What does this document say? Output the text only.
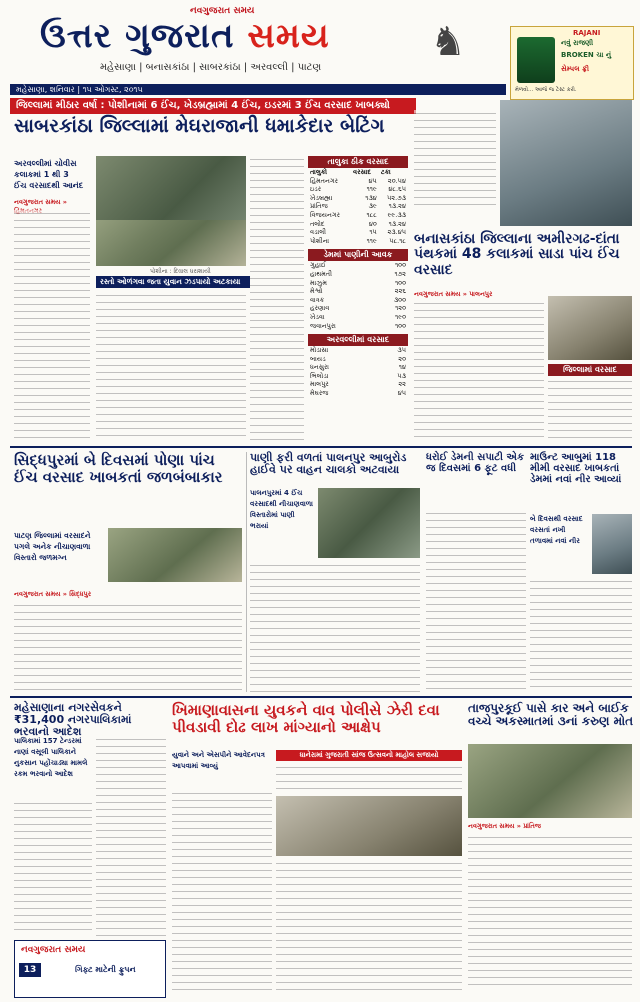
નવગુજરાત સમય
ઉત્તર ગુજરાત સમય	♞
મહેસાણા | બનાસકાંઠા | સાબરકાંઠા | અરવલ્લી | પાટણ
RAJANI
નવું રાજણી
BROKEN ચા નું
સેમ્પલ ફ્રી
મેળવો... આજે જ ટેસ્ટ કરો.
મહેસાણા, શનિવાર | ૧૫ ઓગસ્ટ, ૨૦૧૫
જિલ્લામાં મીઠાર વર્ષા : પોશીનામાં 6 ઈંચ, ખેડબ્રહ્મામાં 4 ઈંચ, ઇડરમાં 3 ઈંચ વરસાદ ખાબક્યો
સાબરકાંઠા જિલ્લામાં મેઘરાજાની ધમાકેદાર બેટિંગ
અરવલ્લીમાં ચોવીસ કલાકમાં 1 થી 3 ઈંચ વરસાદથી આનંદ
નવગુજરાત સમય »
પોશીના : દિવાલ ધરાશાયી
રસ્તો ઓળંગવા જતા યુવાન ઝડપાયો અટકાયા
તાલુકા ઠીક વરસાદ
તાલુકો	વરસાદ	ટકા
હિંમતનગર	૪૫	૨૦.૫૪
ઇડર	૧૧૯	૪૮.૬૫
ખેડબ્રહ્મા	૧૩૪	૫૨.૭૩
પ્રાંતિજ	૩૯	૧૩.૨૪
વિજયનગર	૧૮૮	૯૯.૩૩
તલોદ	૪૦	૧૩.૨૪
વડાલી	૧૫	૨૩.૪૫
પોશીના	૧૧૯	૫૮.૧૮
ડેમમાં પાણીની આવક
ગુહાઈ	૧૦૦
હાથમતી	૧૭૨
માઝુમ	૧૦૦
મેશ્વો	૨૨૬
વાત્રક	૩૦૦
હરણાવ	૧૨૦
ખેડવા	૧૯૦
જવાનપુરા	૧૦૦
અરવલ્લીમાં વરસાદ
મોડાસા	૩૫
બાયડ	૨૦
ધનસુરા	૧૪
ભિલોડા	૫૩
માલપુર	૨૨
મેઘરજ	૪૫
બનાસકાંઠા જિલ્લાના અમીરગઢ-દાંતા પંથકમાં 48 કલાકમાં સાડા પાંચ ઈંચ વરસાદ
નવગુજરાત સમય » પાલનપુર
જિલ્લામાં વરસાદ
સિદ્ધપુરમાં બે દિવસમાં પોણા પાંચ ઈંચ વરસાદ ખાબકતાં જળબંબાકાર
પાટણ જિલ્લામાં વરસાદને પગલે અનેક નીચાણવાળા વિસ્તારો જળમગ્ન
નવગુજરાત સમય » સિદ્ધપુર
પાણી ફરી વળતાં પાલનપુર આબુરોડ હાઈવે પર વાહન ચાલકો અટવાયા
પાલનપુરમાં 4 ઈંચ વરસાદથી નીચાણવાળા વિસ્તારોમાં પાણી ભરાયાં
ધરોઈ ડેમની સપાટી એક જ દિવસમાં 6 ફૂટ વધી
માઉન્ટ આબુમાં 118 મીમી વરસાદ ખાબકતાં ડેમમાં નવાં નીર આવ્યાં
બે દિવસથી વરસાદ વરસતાં નખી તળાવમાં નવાં નીર
મહેસાણાના નગરસેવકને ₹31,400 નગરપાલિકામાં ભરવાનો આદેશ
પાલિકામાં 157 ટેન્ડરમાં નાણાં વસૂલી પાલિકાને નુકસાન પહોંચાડ્યા મામલે રકમ ભરવાનો આદેશ
ખિમાણાવાસના યુવકને વાવ પોલીસે ઝેરી દવા પીવડાવી દોઢ લાખ માંગ્યાનો આક્ષેપ
યુવાને અને એસપીને આવેદનપત્ર આપવામાં આવ્યું
ધાનેરામાં ગુજરાતી સાંજ ઉત્સવનો માહોલ સજાયો
તાજપુરકૂઈ પાસે કાર અને બાઈક વચ્ચે અકસ્માતમાં ૩નાં કરુણ મોત
નવગુજરાત સમય » પ્રાંતિજ
નવગુજરાત સમય
ગિફ્ટ માટેની ફ્રુપન
13
